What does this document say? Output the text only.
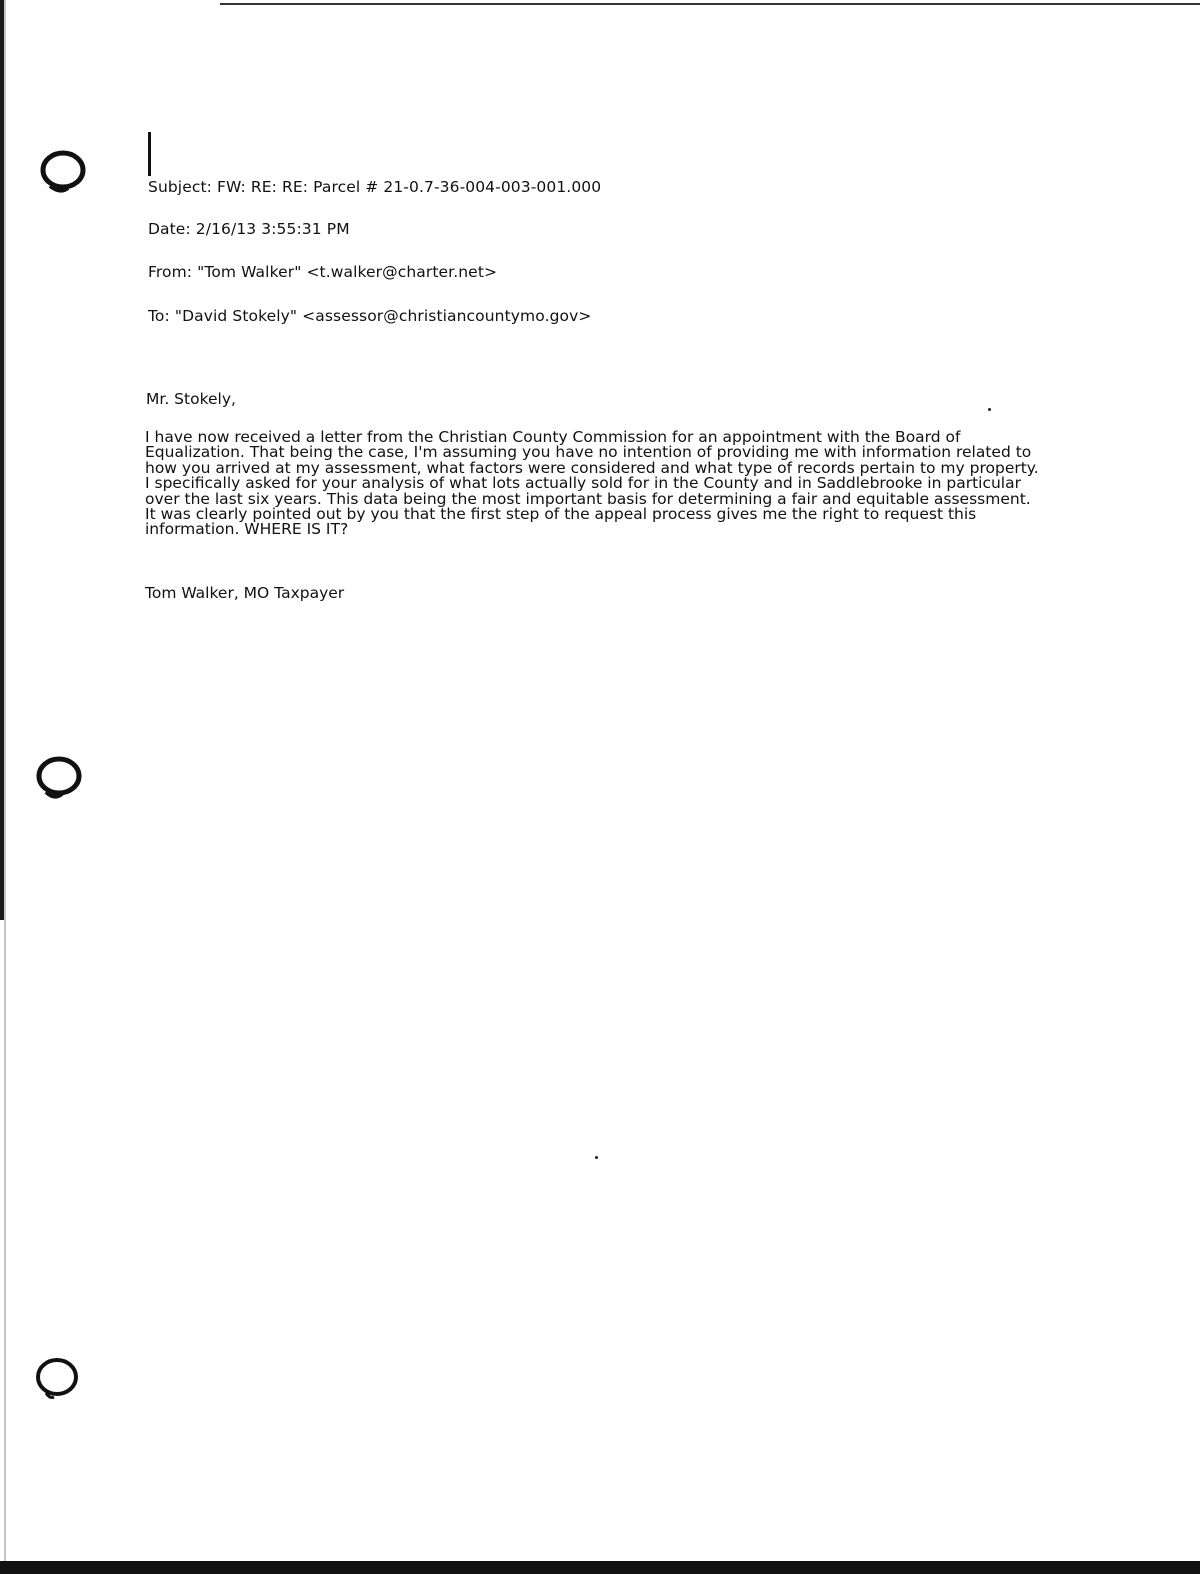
Subject: FW: RE: RE: Parcel # 21-0.7-36-004-003-001.000
Date: 2/16/13 3:55:31 PM
From: "Tom Walker" <t.walker@charter.net>
To: "David Stokely" <assessor@christiancountymo.gov>
Mr. Stokely,
I have now received a letter from the Christian County Commission for an appointment with the Board of
Equalization. That being the case, I'm assuming you have no intention of providing me with information related to
how you arrived at my assessment, what factors were considered and what type of records pertain to my property.
I specifically asked for your analysis of what lots actually sold for in the County and in Saddlebrooke in particular
over the last six years. This data being the most important basis for determining a fair and equitable assessment.
It was clearly pointed out by you that the first step of the appeal process gives me the right to request this
information. WHERE IS IT?
Tom Walker, MO Taxpayer
